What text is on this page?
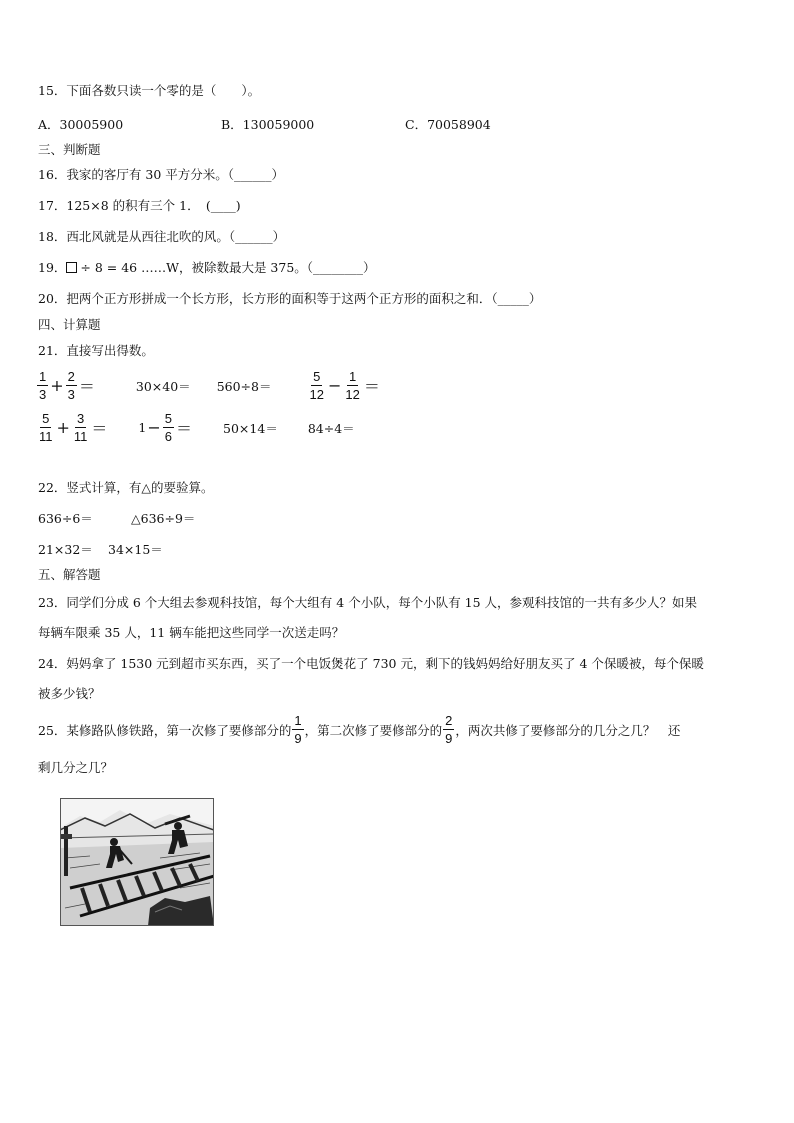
15．下面各数只读一个零的是（　　）。
A．30005900	B．130059000	C．70058904
三、判断题
16．我家的客厅有 30 平方分米。（______）
17．125×8 的积有三个 1．　(____)
18．西北风就是从西往北吹的风。（______）
19． ÷ 8 = 46 ……W，被除数最大是 375。（________）
20．把两个正方形拼成一个长方形，长方形的面积等于这两个正方形的面积之和．（_____）
四、计算题
21．直接写出得数。
$\frac{1}{3} + \frac{2}{3}$ ＝	30×40＝ 560÷8＝	$\frac{5}{12} - \frac{1}{12}$ ＝
$\frac{5}{11} + \frac{3}{11} = 1 - \frac{5}{6} = 50\times 14= 84\div 4=$
22．竖式计算，有△的要验算。
636÷6＝	△636÷9＝
21×32＝ 34×15＝
五、解答题
23．同学们分成 6 个大组去参观科技馆，每个大组有 4 个小队，每个小队有 15 人，参观科技馆的一共有多少人？如果
每辆车限乘 35 人，11 辆车能把这些同学一次送走吗？
24．妈妈拿了 1530 元到超市买东西，买了一个电饭煲花了 730 元，剩下的钱妈妈给好朋友买了 4 个保暖被，每个保暖
被多少钱？
25．某修路队修铁路，第一次修了要修部分的 $\frac{1}{9}$ ，第二次修了要修部分的 $\frac{2}{9}$ ，两次共修了要修部分的几分之几？　还
剩几分之几？
